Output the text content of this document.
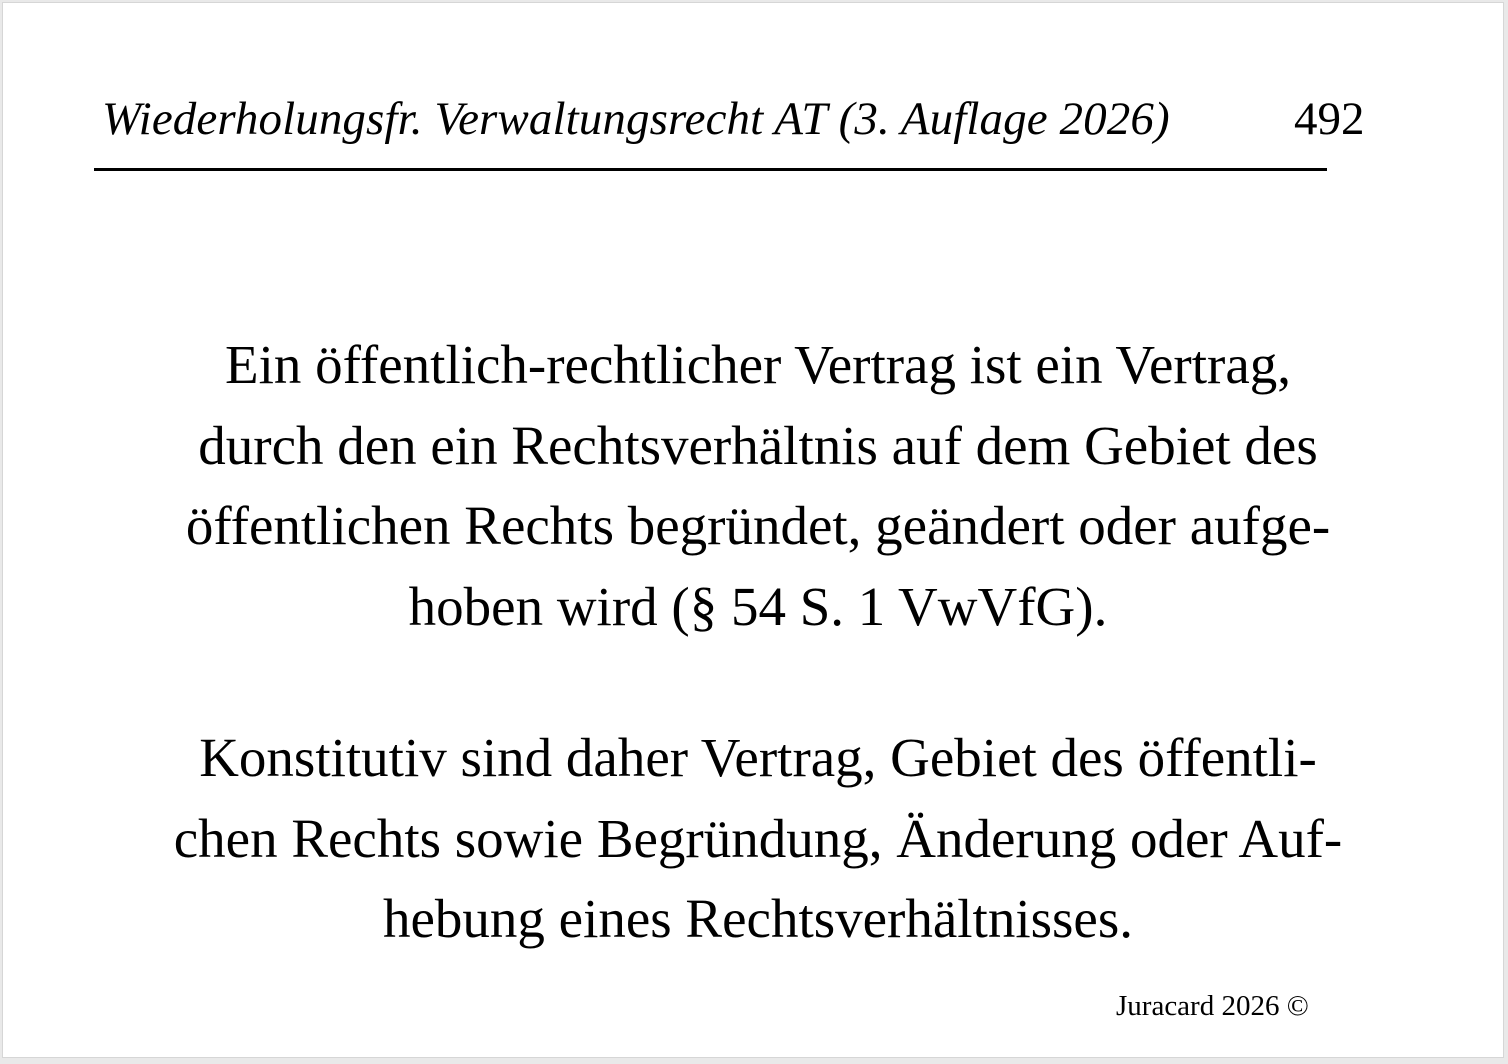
Wiederholungsfr. Verwaltungsrecht AT (3. Auflage 2026)	492
Ein öffentlich-rechtlicher Vertrag ist ein Vertrag,
durch den ein Rechtsverhältnis auf dem Gebiet des
öffentlichen Rechts begründet, geändert oder aufge-
hoben wird (§ 54 S. 1 VwVfG).
Konstitutiv sind daher Vertrag, Gebiet des öffentli-
chen Rechts sowie Begründung, Änderung oder Auf-
hebung eines Rechtsverhältnisses.
Juracard 2026 ©
